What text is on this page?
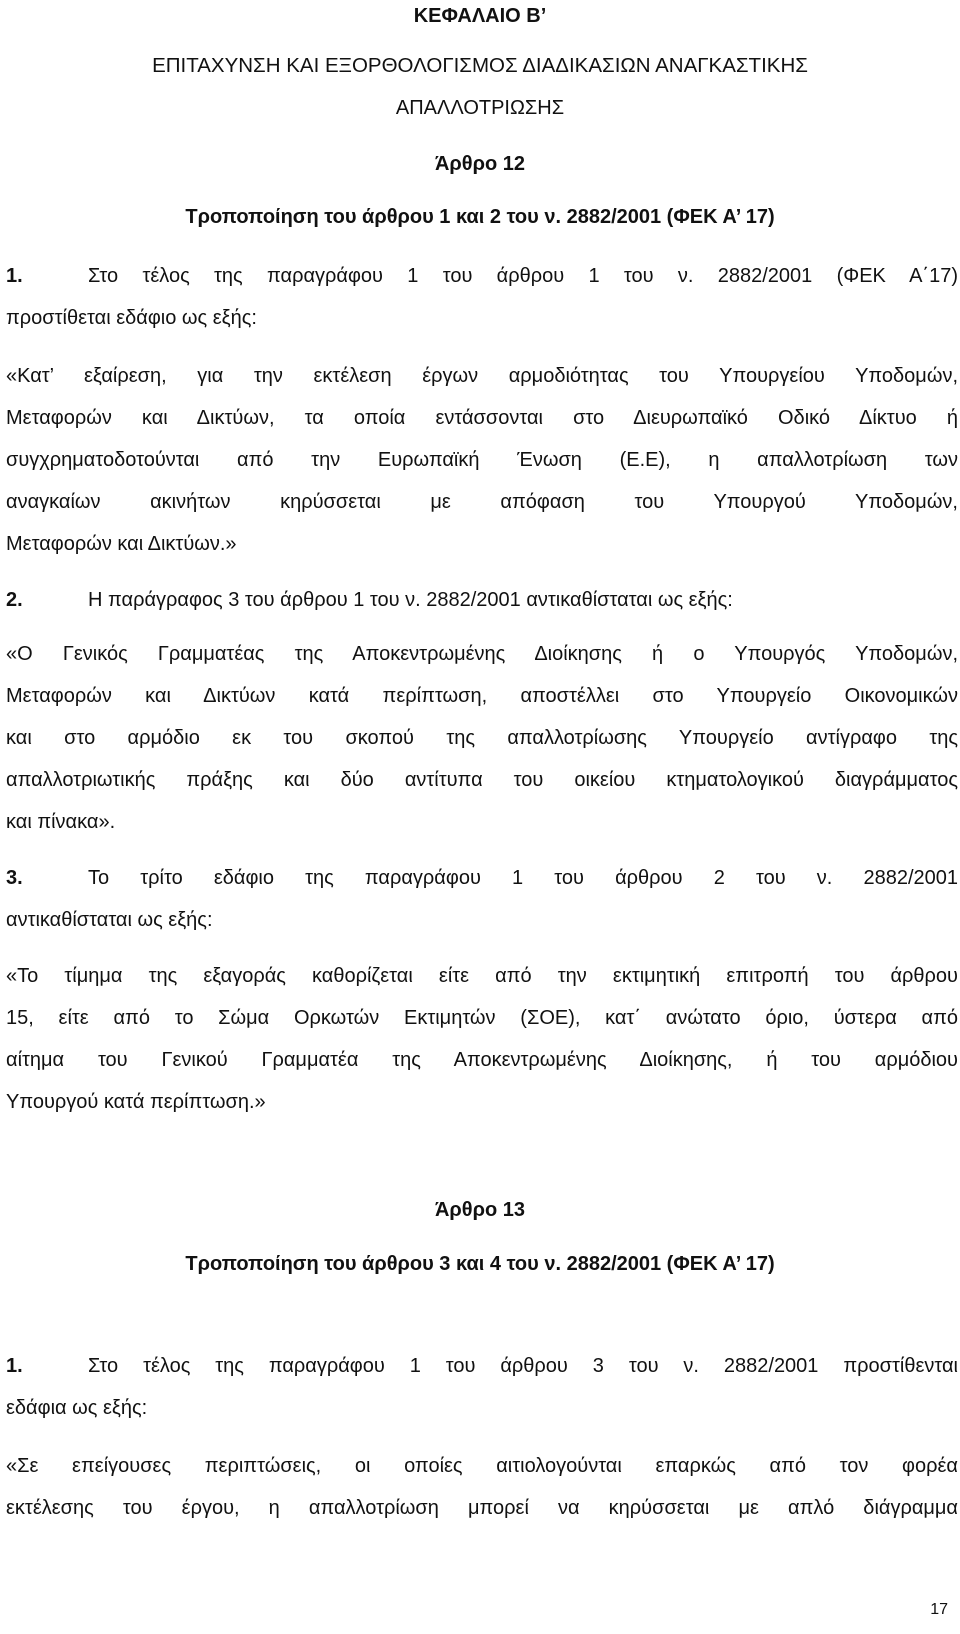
ΚΕΦΑΛΑΙΟ Β’

ΕΠΙΤΑΧΥΝΣΗ ΚΑΙ ΕΞΟΡΘΟΛΟΓΙΣΜΟΣ ΔΙΑΔΙΚΑΣΙΩΝ ΑΝΑΓΚΑΣΤΙΚΗΣ

ΑΠΑΛΛΟΤΡΙΩΣΗΣ

Άρθρο 12

Τροποποίηση του άρθρου 1 και 2 του ν. 2882/2001 (ΦΕΚ Α’ 17)

1.	Στο τέλος της παραγράφου 1 του άρθρου 1 του ν. 2882/2001 (ΦΕΚ Α΄17)

προστίθεται εδάφιο ως εξής:

«Κατ’ εξαίρεση, για την εκτέλεση έργων αρμοδιότητας του Υπουργείου Υποδομών,

Μεταφορών και Δικτύων, τα οποία εντάσσονται στο Διευρωπαϊκό Οδικό Δίκτυο ή

συγχρηματοδοτούνται από την Ευρωπαϊκή Ένωση (Ε.Ε), η απαλλοτρίωση των

αναγκαίων ακινήτων κηρύσσεται με απόφαση του Υπουργού Υποδομών,

Μεταφορών και Δικτύων.»

2.	Η παράγραφος 3 του άρθρου 1 του ν. 2882/2001 αντικαθίσταται ως εξής:

«Ο Γενικός Γραμματέας της Αποκεντρωμένης Διοίκησης ή ο Υπουργός Υποδομών,

Μεταφορών και Δικτύων κατά περίπτωση, αποστέλλει στο Υπουργείο Οικονομικών

και στο αρμόδιο εκ του σκοπού της απαλλοτρίωσης Υπουργείο αντίγραφο της

απαλλοτριωτικής πράξης και δύο αντίτυπα του οικείου κτηματολογικού διαγράμματος

και πίνακα».

3.	Το τρίτο εδάφιο της παραγράφου 1 του άρθρου 2 του ν. 2882/2001

αντικαθίσταται ως εξής:

«Το τίμημα της εξαγοράς καθορίζεται είτε από την εκτιμητική επιτροπή του άρθρου

15, είτε από το Σώμα Ορκωτών Εκτιμητών (ΣΟΕ), κατ΄ ανώτατο όριο, ύστερα από

αίτημα του Γενικού Γραμματέα της Αποκεντρωμένης Διοίκησης, ή του αρμόδιου

Υπουργού κατά περίπτωση.»

Άρθρο 13

Τροποποίηση του άρθρου 3 και 4 του ν. 2882/2001 (ΦΕΚ Α’ 17)

1.	Στο τέλος της παραγράφου 1 του άρθρου 3 του ν. 2882/2001 προστίθενται

εδάφια ως εξής:

«Σε επείγουσες περιπτώσεις, οι οποίες αιτιολογούνται επαρκώς από τον φορέα

εκτέλεσης του έργου, η απαλλοτρίωση μπορεί να κηρύσσεται με απλό διάγραμμα

17
